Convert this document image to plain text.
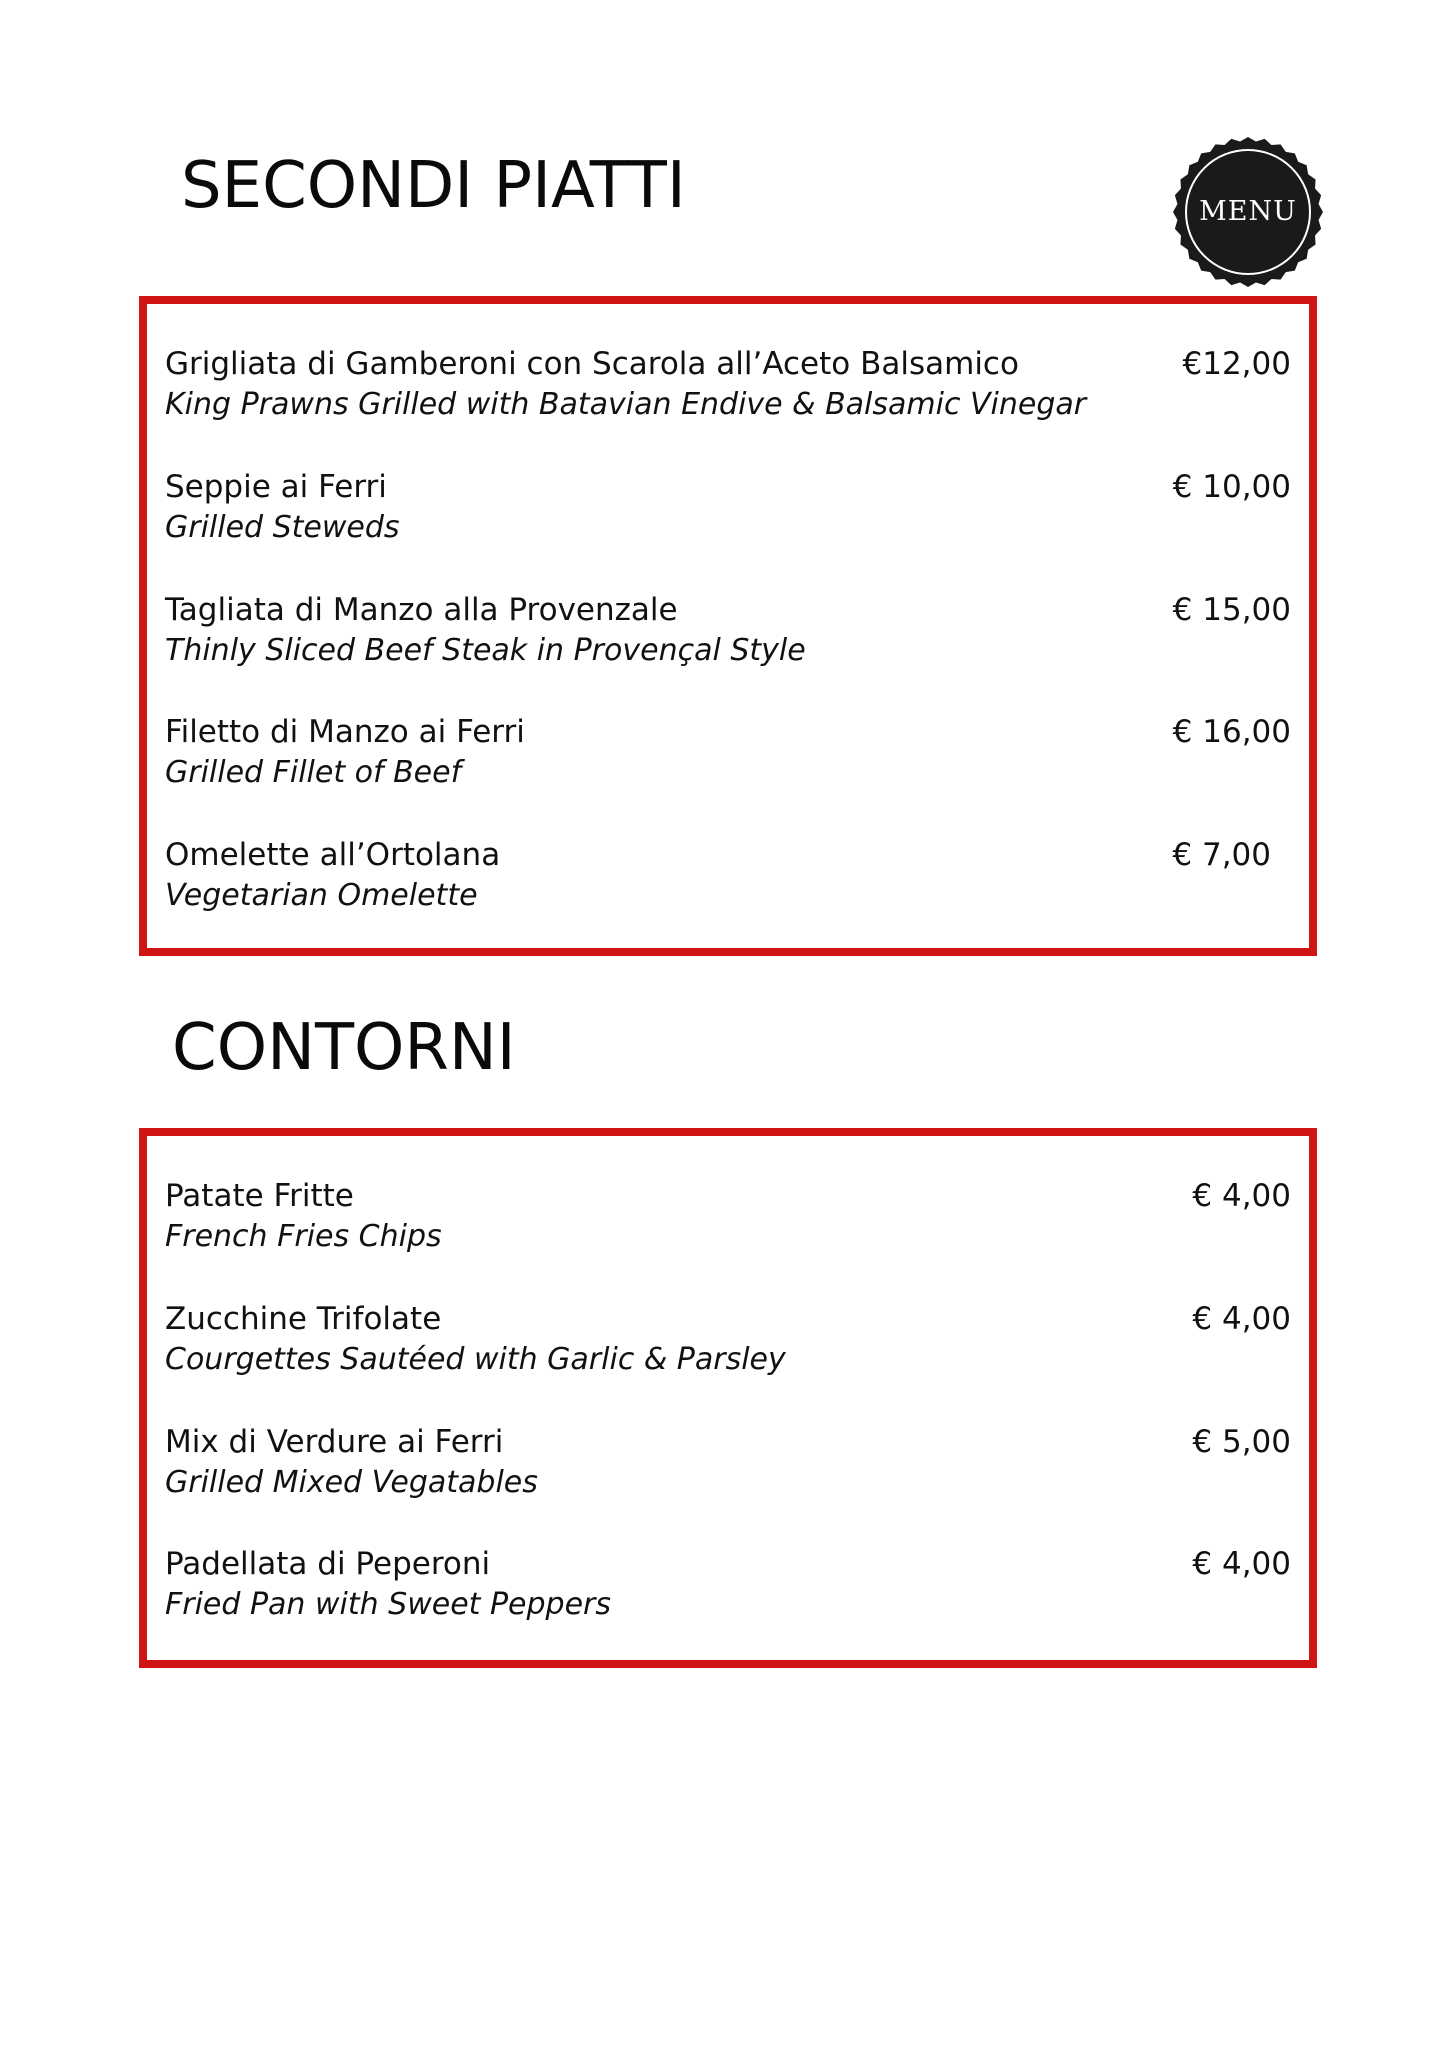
MENU
SECONDI PIATTI
Grigliata di Gamberoni con Scarola all’Aceto Balsamico
King Prawns Grilled with Batavian Endive & Balsamic Vinegar
€12,00
Seppie ai Ferri
Grilled Steweds
€ 10,00
Tagliata di Manzo alla Provenzale
Thinly Sliced Beef Steak in Provençal Style
€ 15,00
Filetto di Manzo ai Ferri
Grilled Fillet of Beef
€ 16,00
Omelette all’Ortolana
Vegetarian Omelette
€ 7,00
CONTORNI
Patate Fritte
French Fries Chips
€ 4,00
Zucchine Trifolate
Courgettes Sautéed with Garlic & Parsley
€ 4,00
Mix di Verdure ai Ferri
Grilled Mixed Vegatables
€ 5,00
Padellata di Peperoni
Fried Pan with Sweet Peppers
€ 4,00
